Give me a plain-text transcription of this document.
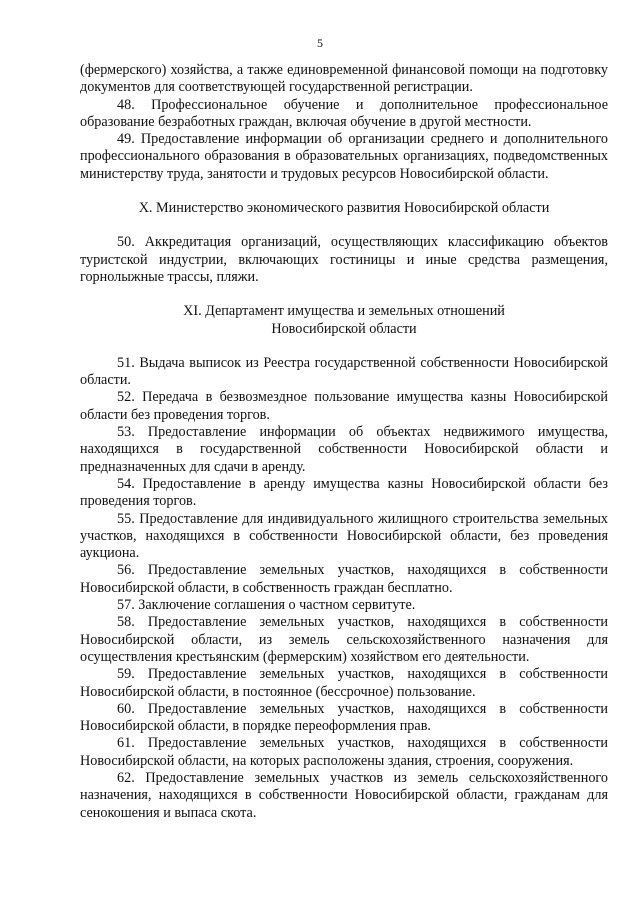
5

(фермерского) хозяйства, а также единовременной финансовой помощи на подготовку документов для соответствующей государственной регистрации.

48. Профессиональное обучение и дополнительное профессиональное образование безработных граждан, включая обучение в другой местности.

49. Предоставление информации об организации среднего и дополнительного профессионального образования в образовательных организациях, подведомственных министерству труда, занятости и трудовых ресурсов Новосибирской области.

X. Министерство экономического развития Новосибирской области

50. Аккредитация организаций, осуществляющих классификацию объектов туристской индустрии, включающих гостиницы и иные средства размещения, горнолыжные трассы, пляжи.

XI. Департамент имущества и земельных отношений

Новосибирской области

51. Выдача выписок из Реестра государственной собственности Новосибирской области.

52. Передача в безвозмездное пользование имущества казны Новосибирской области без проведения торгов.

53. Предоставление информации об объектах недвижимого имущества, находящихся в государственной собственности Новосибирской области и предназначенных для сдачи в аренду.

54. Предоставление в аренду имущества казны Новосибирской области без проведения торгов.

55. Предоставление для индивидуального жилищного строительства земельных участков, находящихся в собственности Новосибирской области, без проведения аукциона.

56. Предоставление земельных участков, находящихся в собственности Новосибирской области, в собственность граждан бесплатно.

57. Заключение соглашения о частном сервитуте.

58. Предоставление земельных участков, находящихся в собственности Новосибирской области, из земель сельскохозяйственного назначения для осуществления крестьянским (фермерским) хозяйством его деятельности.

59. Предоставление земельных участков, находящихся в собственности Новосибирской области, в постоянное (бессрочное) пользование.

60. Предоставление земельных участков, находящихся в собственности Новосибирской области, в порядке переоформления прав.

61. Предоставление земельных участков, находящихся в собственности Новосибирской области, на которых расположены здания, строения, сооружения.

62. Предоставление земельных участков из земель сельскохозяйственного назначения, находящихся в собственности Новосибирской области, гражданам для сенокошения и выпаса скота.
